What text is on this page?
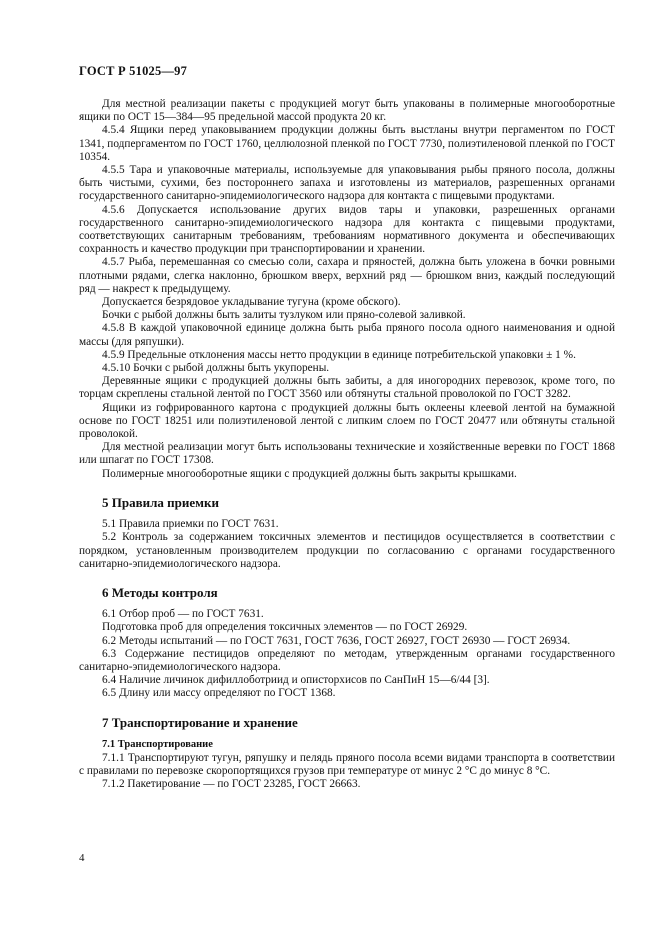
ГОСТ Р 51025—97

Для местной реализации пакеты с продукцией могут быть упакованы в полимерные многооборотные ящики по ОСТ 15—384—95 предельной массой продукта 20 кг.

4.5.4 Ящики перед упаковыванием продукции должны быть выстланы внутри пергаментом по ГОСТ 1341, подпергаментом по ГОСТ 1760, целлюлозной пленкой по ГОСТ 7730, полиэтиленовой пленкой по ГОСТ 10354.

4.5.5 Тара и упаковочные материалы, используемые для упаковывания рыбы пряного посола, должны быть чистыми, сухими, без постороннего запаха и изготовлены из материалов, разрешенных органами государственного санитарно-эпидемиологического надзора для контакта с пищевыми продуктами.

4.5.6 Допускается использование других видов тары и упаковки, разрешенных органами государственного санитарно-эпидемиологического надзора для контакта с пищевыми продуктами, соответствующих санитарным требованиям, требованиям нормативного документа и обеспечивающих сохранность и качество продукции при транспортировании и хранении.

4.5.7 Рыба, перемешанная со смесью соли, сахара и пряностей, должна быть уложена в бочки ровными плотными рядами, слегка наклонно, брюшком вверх, верхний ряд — брюшком вниз, каждый последующий ряд — накрест к предыдущему.

Допускается безрядовое укладывание тугуна (кроме обского).

Бочки с рыбой должны быть залиты тузлуком или пряно-солевой заливкой.

4.5.8 В каждой упаковочной единице должна быть рыба пряного посола одного наименования и одной массы (для ряпушки).

4.5.9 Предельные отклонения массы нетто продукции в единице потребительской упаковки ± 1 %.

4.5.10 Бочки с рыбой должны быть укупорены.

Деревянные ящики с продукцией должны быть забиты, а для иногородних перевозок, кроме того, по торцам скреплены стальной лентой по ГОСТ 3560 или обтянуты стальной проволокой по ГОСТ 3282.

Ящики из гофрированного картона с продукцией должны быть оклеены клеевой лентой на бумажной основе по ГОСТ 18251 или полиэтиленовой лентой с липким слоем по ГОСТ 20477 или обтянуты стальной проволокой.

Для местной реализации могут быть использованы технические и хозяйственные веревки по ГОСТ 1868 или шпагат по ГОСТ 17308.

Полимерные многооборотные ящики с продукцией должны быть закрыты крышками.

5 Правила приемки

5.1 Правила приемки по ГОСТ 7631.

5.2 Контроль за содержанием токсичных элементов и пестицидов осуществляется в соответствии с порядком, установленным производителем продукции по согласованию с органами государственного санитарно-эпидемиологического надзора.

6 Методы контроля

6.1 Отбор проб — по ГОСТ 7631.

Подготовка проб для определения токсичных элементов — по ГОСТ 26929.

6.2 Методы испытаний — по ГОСТ 7631, ГОСТ 7636, ГОСТ 26927, ГОСТ 26930 — ГОСТ 26934.

6.3 Содержание пестицидов определяют по методам, утвержденным органами государственного санитарно-эпидемиологического надзора.

6.4 Наличие личинок дифиллоботриид и описторхисов по СанПиН 15—6/44 [3].

6.5 Длину или массу определяют по ГОСТ 1368.

7 Транспортирование и хранение
7.1 Транспортирование

7.1.1 Транспортируют тугун, ряпушку и пелядь пряного посола всеми видами транспорта в соответствии с правилами по перевозке скоропортящихся грузов при температуре от минус 2 °С до минус 8 °С.

7.1.2 Пакетирование — по ГОСТ 23285, ГОСТ 26663.

4
